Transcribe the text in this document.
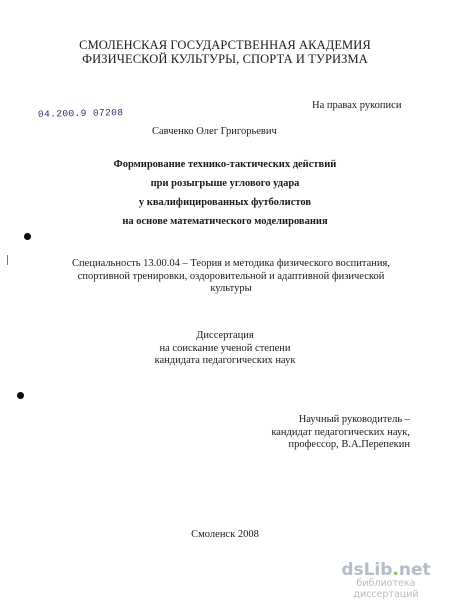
СМОЛЕНСКАЯ ГОСУДАРСТВЕННАЯ АКАДЕМИЯ
ФИЗИЧЕСКОЙ КУЛЬТУРЫ, СПОРТА И ТУРИЗМА
На правах рукописи
04.200.9 07208
Савченко Олег Григорьевич
Формирование технико-тактических действий
при розыгрыше углового удара
у квалифицированных футболистов
на основе математического моделирования
Специальность 13.00.04 – Теория и методика физического воспитания,
спортивной тренировки, оздоровительной и адаптивной физической
культуры
Диссертация
на соискание ученой степени
кандидата педагогических наук
Научный руководитель –
кандидат педагогических наук,
профессор, В.А.Перепекин
Смоленск 2008
dsLib.net
библиотека диссертаций
